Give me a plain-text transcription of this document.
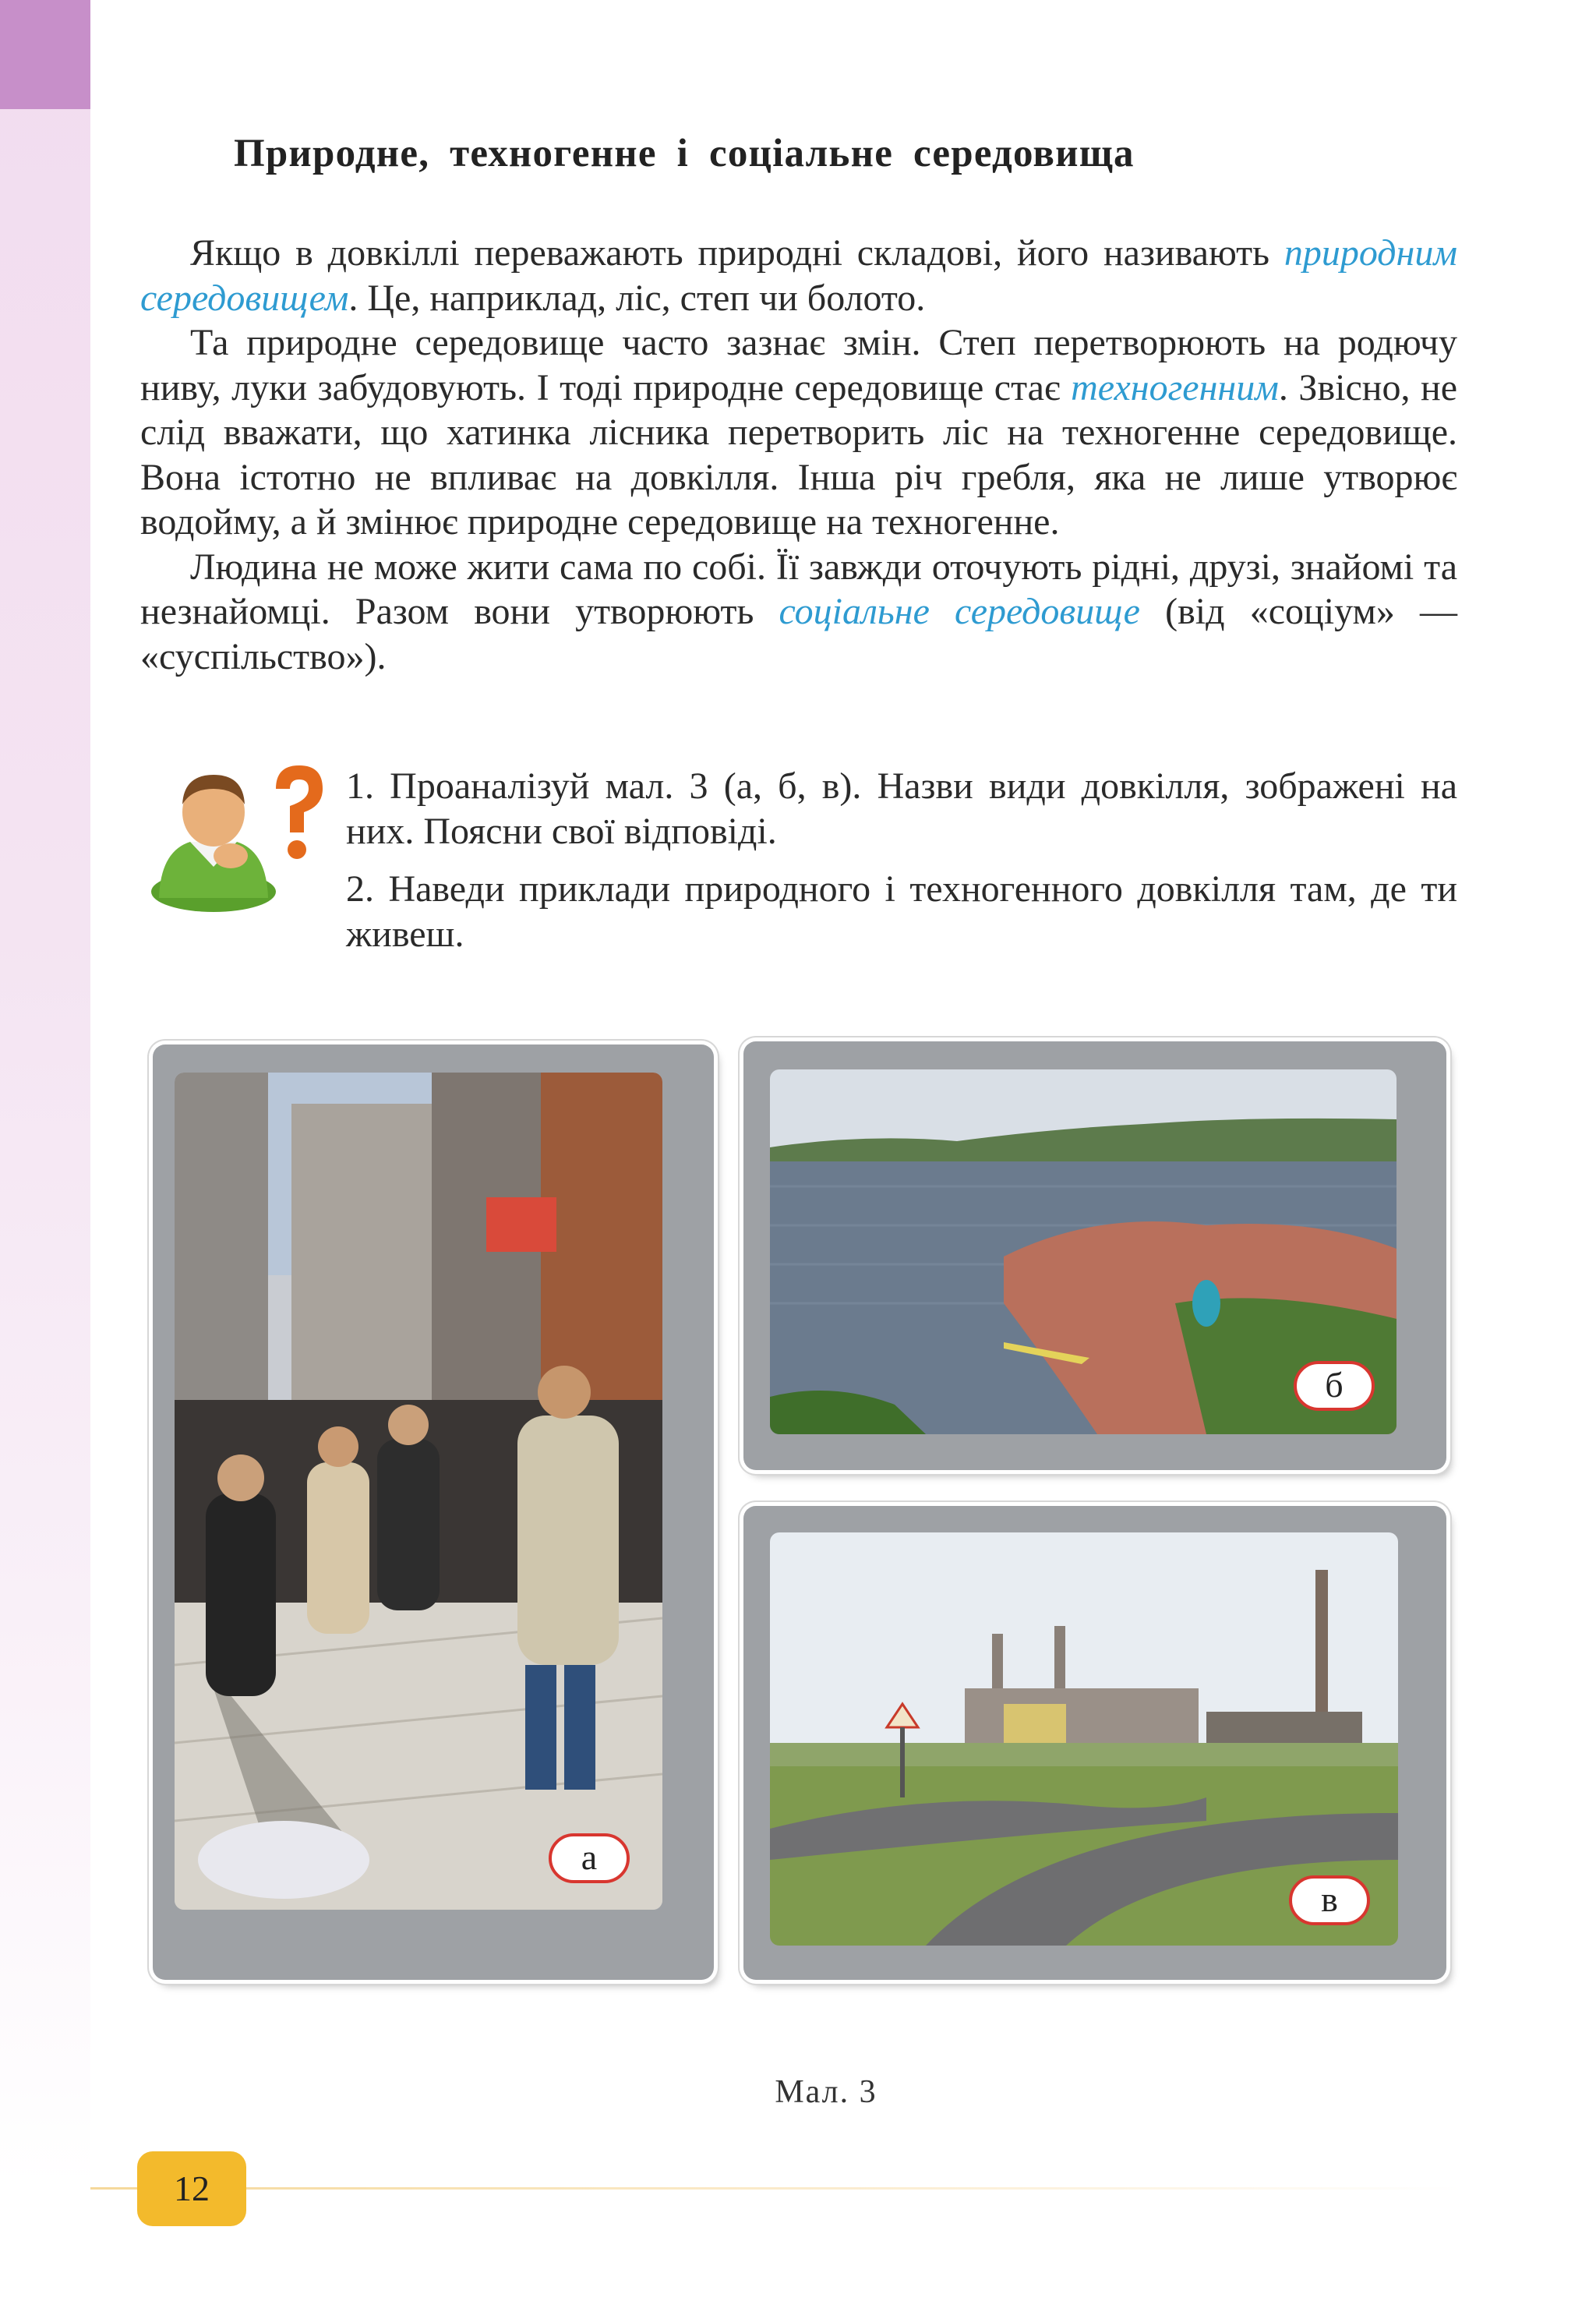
Природне, техногенне і соціальне середовища

Якщо в довкіллі переважають природні складові, його називають природним середовищем. Це, наприклад, ліс, степ чи болото.

Та природне середовище часто зазнає змін. Степ перетворюють на родючу ниву, луки забудовують. І тоді природне середовище стає техногенним. Звісно, не слід вважати, що хатинка лісника перетворить ліс на техногенне середовище. Вона істотно не впливає на довкілля. Інша річ гребля, яка не лише утворює водойму, а й змінює природне середовище на техногенне.

Людина не може жити сама по собі. Її завжди оточують рідні, друзі, знайомі та незнайомці. Разом вони утворюють соціальне середовище (від «соціум» — «суспільство»).

1. Проаналізуй мал. 3 (а, б, в). Назви види довкілля, зображені на них. Поясни свої відповіді.

2. Наведи приклади природного і техногенного довкілля там, де ти живеш.

а
б
в
Мал. 3
12
